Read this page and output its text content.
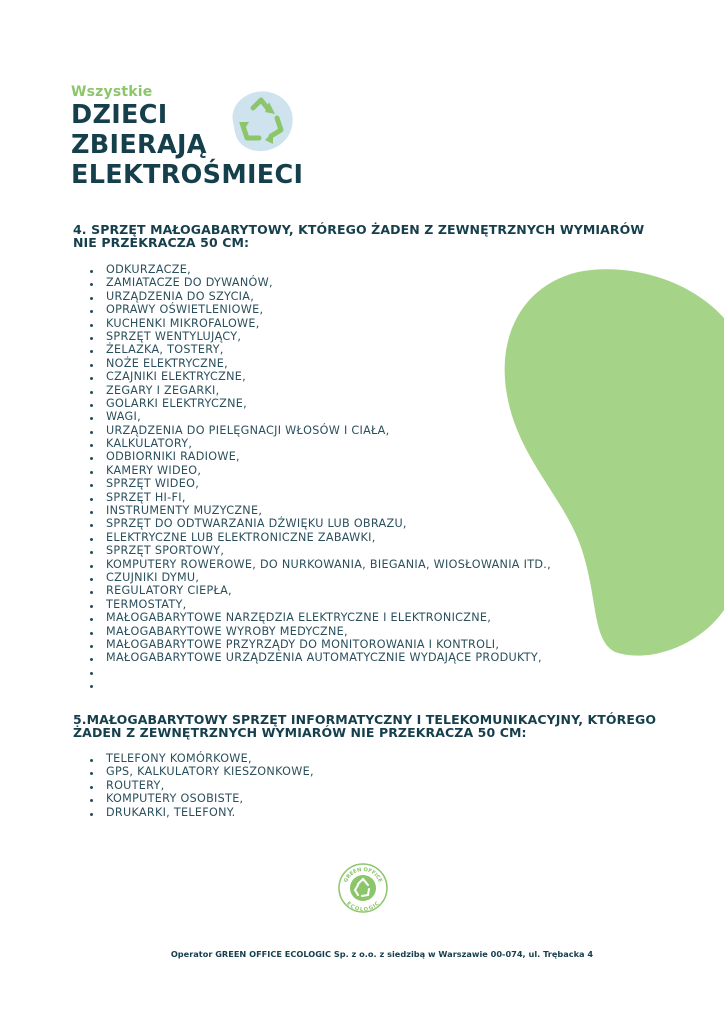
Wszystkie
DZIECI
ZBIERAJĄ
ELEKTROŚMIECI
4. SPRZĘT MAŁOGABARYTOWY, KTÓREGO ŻADEN Z ZEWNĘTRZNYCH WYMIARÓW
NIE PRZEKRACZA 50 CM:
ODKURZACZE,
ZAMIATACZE DO DYWANÓW,
URZĄDZENIA DO SZYCIA,
OPRAWY OŚWIETLENIOWE,
KUCHENKI MIKROFALOWE,
SPRZĘT WENTYLUJĄCY,
ŻELAZKA, TOSTERY,
NOŻE ELEKTRYCZNE,
CZAJNIKI ELEKTRYCZNE,
ZEGARY I ZEGARKI,
GOLARKI ELEKTRYCZNE,
WAGI,
URZĄDZENIA DO PIELĘGNACJI WŁOSÓW I CIAŁA,
KALKULATORY,
ODBIORNIKI RADIOWE,
KAMERY WIDEO,
SPRZĘT WIDEO,
SPRZĘT HI-FI,
INSTRUMENTY MUZYCZNE,
SPRZĘT DO ODTWARZANIA DŹWIĘKU LUB OBRAZU,
ELEKTRYCZNE LUB ELEKTRONICZNE ZABAWKI,
SPRZĘT SPORTOWY,
KOMPUTERY ROWEROWE, DO NURKOWANIA, BIEGANIA, WIOSŁOWANIA ITD.,
CZUJNIKI DYMU,
REGULATORY CIEPŁA,
TERMOSTATY,
MAŁOGABARYTOWE NARZĘDZIA ELEKTRYCZNE I ELEKTRONICZNE,
MAŁOGABARYTOWE WYROBY MEDYCZNE,
MAŁOGABARYTOWE PRZYRZĄDY DO MONITOROWANIA I KONTROLI,
MAŁOGABARYTOWE URZĄDZENIA AUTOMATYCZNIE WYDAJĄCE PRODUKTY,
5.MAŁOGABARYTOWY SPRZĘT INFORMATYCZNY I TELEKOMUNIKACYJNY, KTÓREGO
ŻADEN Z ZEWNĘTRZNYCH WYMIARÓW NIE PRZEKRACZA 50 CM:
TELEFONY KOMÓRKOWE,
GPS, KALKULATORY KIESZONKOWE,
ROUTERY,
KOMPUTERY OSOBISTE,
DRUKARKI, TELEFONY.
GREEN OFFICE
ECOLOGIC
Operator GREEN OFFICE ECOLOGIC Sp. z o.o. z siedzibą w Warszawie 00-074, ul. Trębacka 4
